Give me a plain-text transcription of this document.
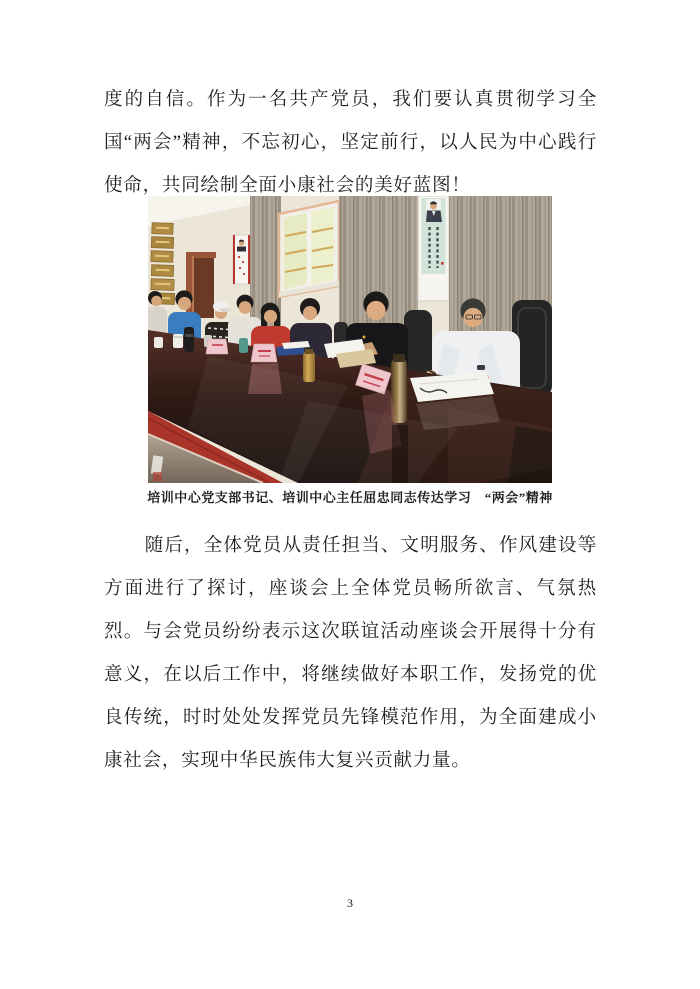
度的自信。作为一名共产党员，我们要认真贯彻学习全国“两会”精神，不忘初心，坚定前行，以人民为中心践行使命，共同绘制全面小康社会的美好蓝图！

培训中心党支部书记、培训中心主任屈忠同志传达学习　“两会”精神

随后，全体党员从责任担当、文明服务、作风建设等方面进行了探讨，座谈会上全体党员畅所欲言、气氛热烈。与会党员纷纷表示这次联谊活动座谈会开展得十分有意义，在以后工作中，将继续做好本职工作，发扬党的优良传统，时时处处发挥党员先锋模范作用，为全面建成小康社会，实现中华民族伟大复兴贡献力量。

3
